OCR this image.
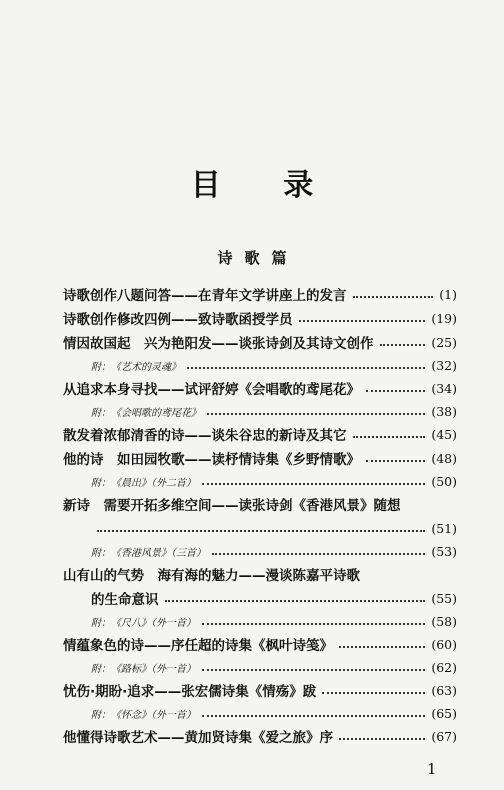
目 录
诗歌篇
诗歌创作八题问答——在青年文学讲座上的发言	(1)
诗歌创作修改四例——致诗歌函授学员	(19)
情因故国起　兴为艳阳发——谈张诗剑及其诗文创作	(25)
附：《艺术的灵魂》	(32)
从追求本身寻找——试评舒婷《会唱歌的鸢尾花》	(34)
附：《会唱歌的鸢尾花》	(38)
散发着浓郁清香的诗——谈朱谷忠的新诗及其它	(45)
他的诗　如田园牧歌——读杼情诗集《乡野情歌》	(48)
附：《晨出》（外二首）	(50)
新诗　需要开拓多维空间——读张诗剑《香港风景》随想
(51)
附：《香港风景》（三首）	(53)
山有山的气势　海有海的魅力——漫谈陈嘉平诗歌
的生命意识	(55)
附：《尺八》（外一首）	(58)
情蕴象色的诗——序任超的诗集《枫叶诗笺》	(60)
附：《路标》（外一首）	(62)
忧伤·期盼·追求——张宏儒诗集《情殇》跋	(63)
附：《怀念》（外一首）	(65)
他懂得诗歌艺术——黄加贤诗集《爱之旅》序	(67)
1
